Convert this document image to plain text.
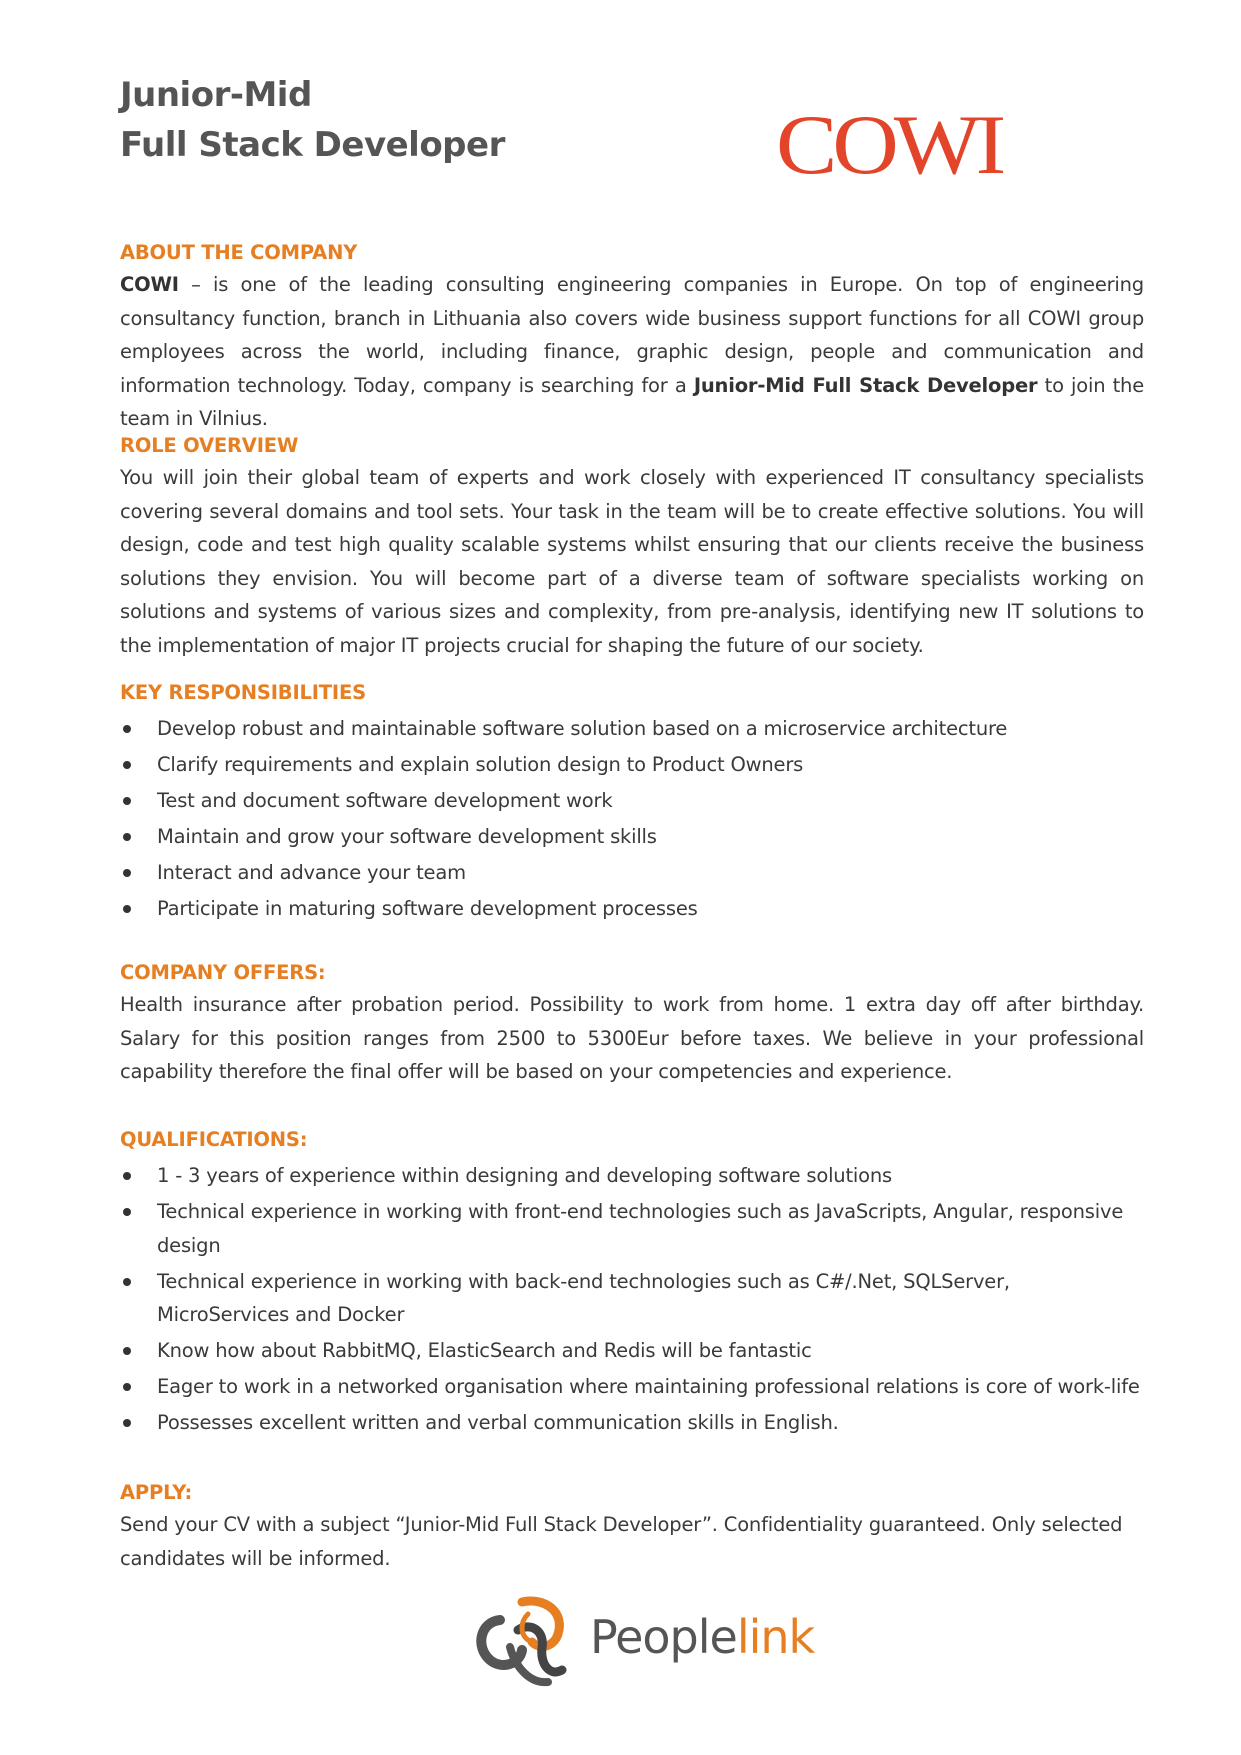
Junior-Mid
Full Stack Developer	COWI
ABOUT THE COMPANY

COWI – is one of the leading consulting engineering companies in Europe. On top of engineering consultancy function, branch in Lithuania also covers wide business support functions for all COWI group employees across the world, including finance, graphic design, people and communication and information technology. Today, company is searching for a Junior-Mid Full Stack Developer to join the team in Vilnius.

ROLE OVERVIEW

You will join their global team of experts and work closely with experienced IT consultancy specialists covering several domains and tool sets. Your task in the team will be to create effective solutions. You will design, code and test high quality scalable systems whilst ensuring that our clients receive the business solutions they envision. You will become part of a diverse team of software specialists working on solutions and systems of various sizes and complexity, from pre-analysis, identifying new IT solutions to the implementation of major IT projects crucial for shaping the future of our society.

KEY RESPONSIBILITIES
Develop robust and maintainable software solution based on a microservice architecture
Clarify requirements and explain solution design to Product Owners
Test and document software development work
Maintain and grow your software development skills
Interact and advance your team
Participate in maturing software development processes
COMPANY OFFERS:

Health insurance after probation period. Possibility to work from home. 1 extra day off after birthday. Salary for this position ranges from 2500 to 5300Eur before taxes. We believe in your professional capability therefore the final offer will be based on your competencies and experience.

QUALIFICATIONS:
1 - 3 years of experience within designing and developing software solutions
Technical experience in working with front-end technologies such as JavaScripts, Angular, responsive design
Technical experience in working with back-end technologies such as C#/.Net, SQLServer, MicroServices and Docker
Know how about RabbitMQ, ElasticSearch and Redis will be fantastic
Eager to work in a networked organisation where maintaining professional relations is core of work-life
Possesses excellent written and verbal communication skills in English.
APPLY:

Send your CV with a subject “Junior-Mid Full Stack Developer”. Confidentiality guaranteed. Only selected candidates will be informed.

Peoplelink
